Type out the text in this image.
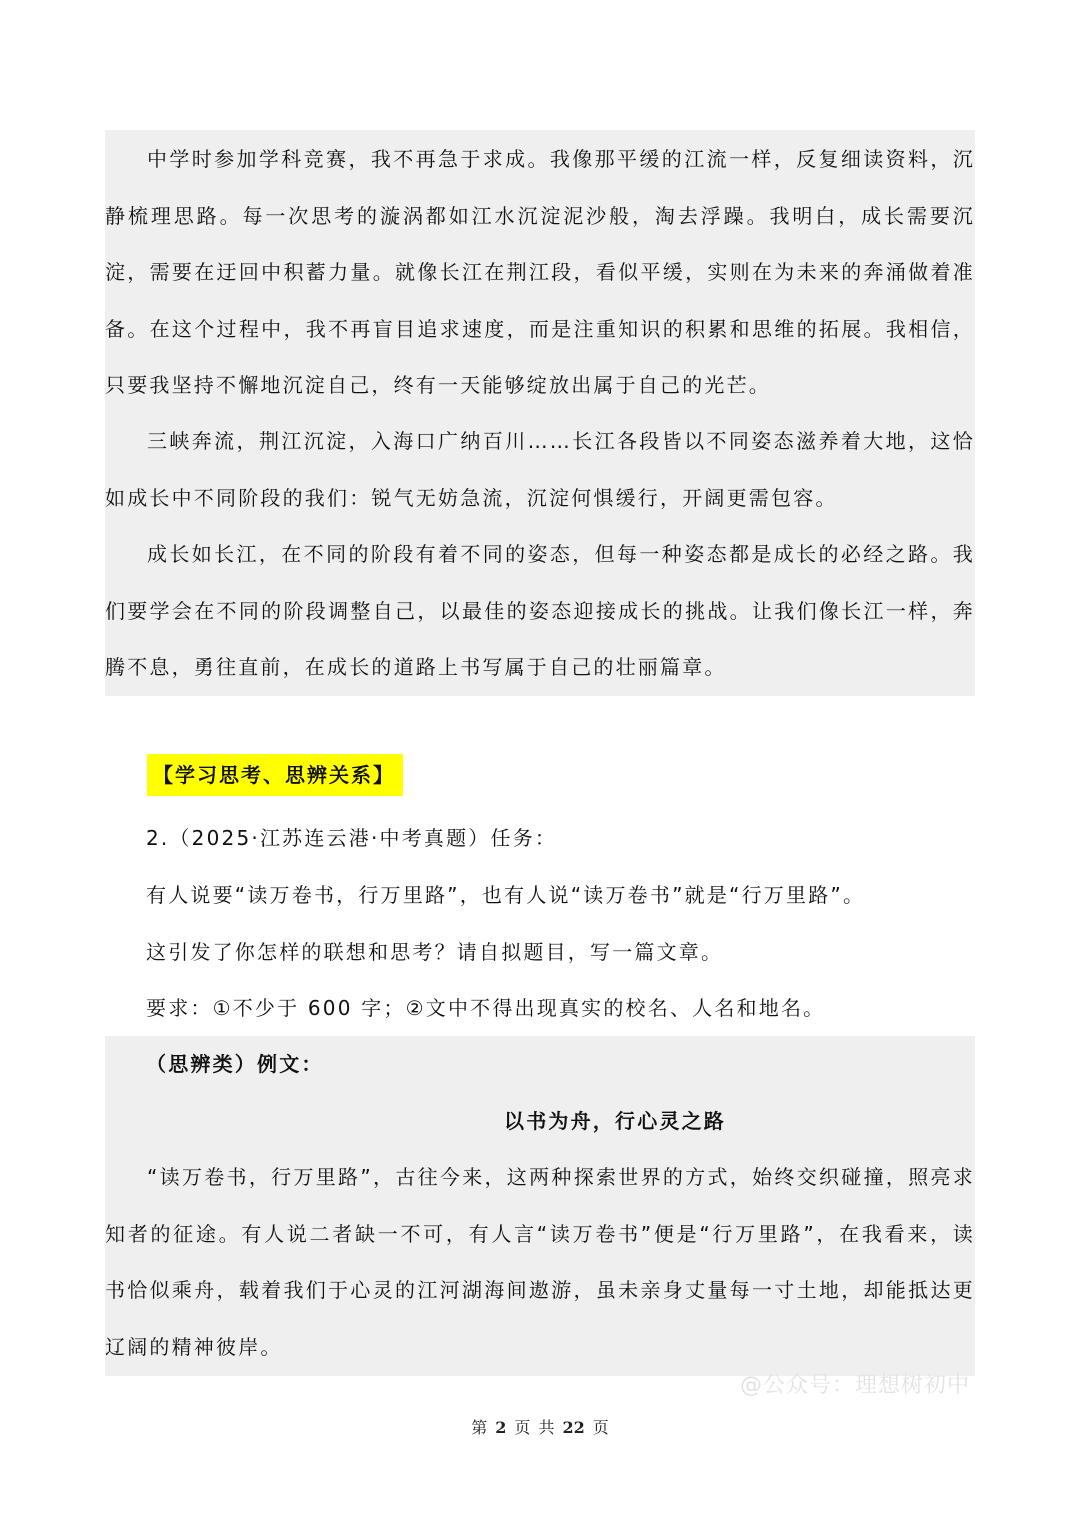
中学时参加学科竞赛，我不再急于求成。我像那平缓的江流一样，反复细读资料，沉静梳理思路。每一次思考的漩涡都如江水沉淀泥沙般，淘去浮躁。我明白，成长需要沉淀，需要在迂回中积蓄力量。就像长江在荆江段，看似平缓，实则在为未来的奔涌做着准备。在这个过程中，我不再盲目追求速度，而是注重知识的积累和思维的拓展。我相信，只要我坚持不懈地沉淀自己，终有一天能够绽放出属于自己的光芒。

三峡奔流，荆江沉淀，入海口广纳百川……长江各段皆以不同姿态滋养着大地，这恰如成长中不同阶段的我们：锐气无妨急流，沉淀何惧缓行，开阔更需包容。

成长如长江，在不同的阶段有着不同的姿态，但每一种姿态都是成长的必经之路。我们要学会在不同的阶段调整自己，以最佳的姿态迎接成长的挑战。让我们像长江一样，奔腾不息，勇往直前，在成长的道路上书写属于自己的壮丽篇章。

【学习思考、思辨关系】

2.（2025·江苏连云港·中考真题）任务：

有人说要“读万卷书，行万里路”，也有人说“读万卷书”就是“行万里路”。

这引发了你怎样的联想和思考？请自拟题目，写一篇文章。

要求：①不少于 600 字；②文中不得出现真实的校名、人名和地名。

（思辨类）例文：

以书为舟，行心灵之路

“读万卷书，行万里路”，古往今来，这两种探索世界的方式，始终交织碰撞，照亮求知者的征途。有人说二者缺一不可，有人言“读万卷书”便是“行万里路”，在我看来，读书恰似乘舟，载着我们于心灵的江河湖海间遨游，虽未亲身丈量每一寸土地，却能抵达更辽阔的精神彼岸。

@公众号：理想树初中
第 2 页 共 22 页
